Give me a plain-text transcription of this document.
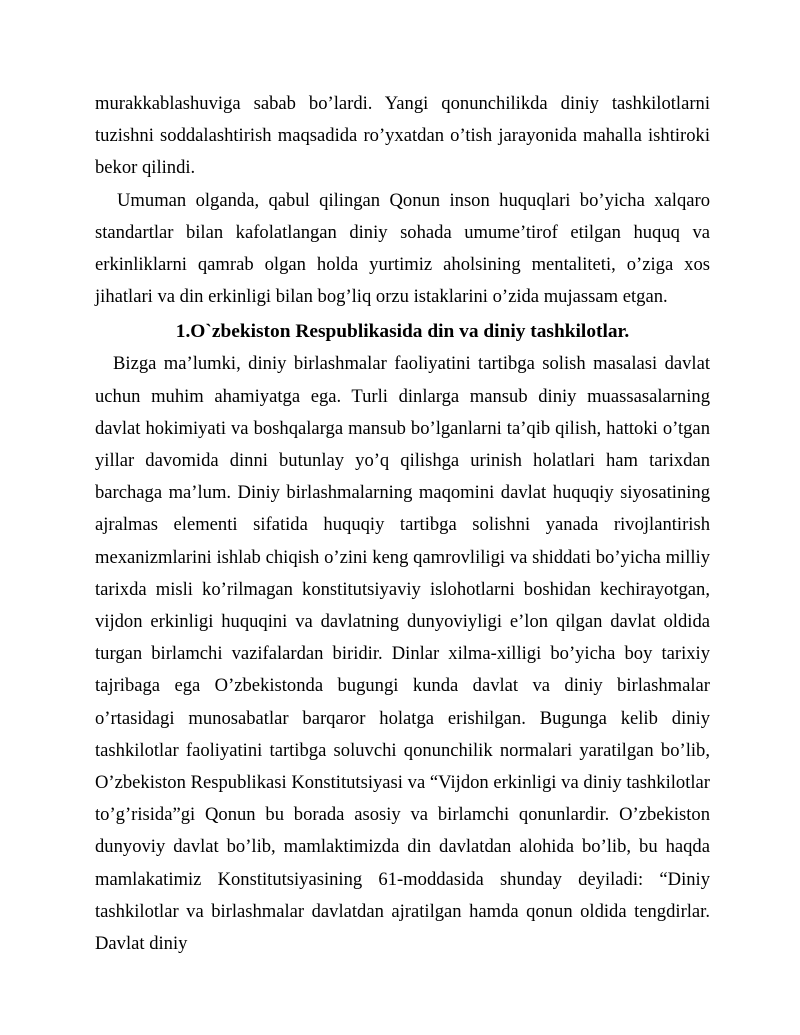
murakkablashuviga sabab bo’lardi. Yangi qonunchilikda diniy tashkilotlarni tuzishni soddalashtirish maqsadida ro’yxatdan o’tish jarayonida mahalla ishtiroki bekor qilindi.

Umuman olganda, qabul qilingan Qonun inson huquqlari bo’yicha xalqaro standartlar bilan kafolatlangan diniy sohada umume’tirof etilgan huquq va erkinliklarni qamrab olgan holda yurtimiz aholsining mentaliteti, o’ziga xos jihatlari va din erkinligi bilan bog’liq orzu istaklarini o’zida mujassam etgan.

1.O`zbekiston Respublikasida din va diniy tashkilotlar.

Bizga ma’lumki, diniy birlashmalar faoliyatini tartibga solish masalasi davlat uchun muhim ahamiyatga ega. Turli dinlarga mansub diniy muassasalarning davlat hokimiyati va boshqalarga mansub bo’lganlarni ta’qib qilish, hattoki o’tgan yillar davomida dinni butunlay yo’q qilishga urinish holatlari ham tarixdan barchaga ma’lum. Diniy birlashmalarning maqomini davlat huquqiy siyosatining ajralmas elementi sifatida huquqiy tartibga solishni yanada rivojlantirish mexanizmlarini ishlab chiqish o’zini keng qamrovliligi va shiddati bo’yicha milliy tarixda misli ko’rilmagan konstitutsiyaviy islohotlarni boshidan kechirayotgan, vijdon erkinligi huquqini va davlatning dunyoviyligi e’lon qilgan davlat oldida turgan birlamchi vazifalardan biridir. Dinlar xilma-xilligi bo’yicha boy tarixiy tajribaga ega O’zbekistonda bugungi kunda davlat va diniy birlashmalar o’rtasidagi munosabatlar barqaror holatga erishilgan. Bugunga kelib diniy tashkilotlar faoliyatini tartibga soluvchi qonunchilik normalari yaratilgan bo’lib, O’zbekiston Respublikasi Konstitutsiyasi va “Vijdon erkinligi va diniy tashkilotlar to’g’risida”gi Qonun bu borada asosiy va birlamchi qonunlardir. O’zbekiston dunyoviy davlat bo’lib, mamlaktimizda din davlatdan alohida bo’lib, bu haqda mamlakatimiz Konstitutsiyasining 61-moddasida shunday deyiladi: “Diniy tashkilotlar va birlashmalar davlatdan ajratilgan hamda qonun oldida tengdirlar. Davlat diniy
